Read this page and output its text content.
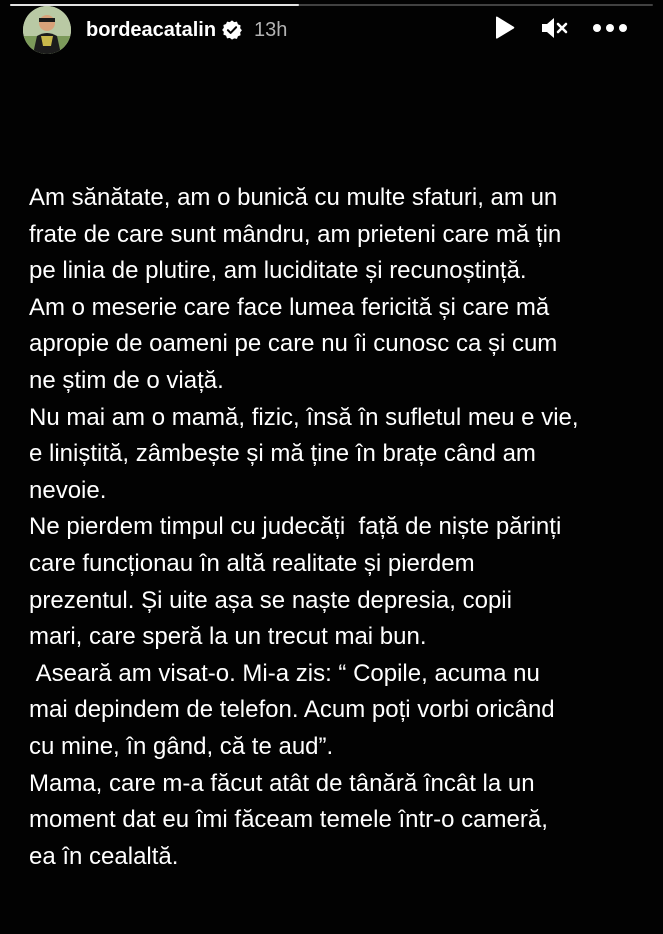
bordeacatalin 13h

Am sănătate, am o bunică cu multe sfaturi, am un
frate de care sunt mândru, am prieteni care mă țin
pe linia de plutire, am luciditate și recunoștință.
Am o meserie care face lumea fericită și care mă
apropie de oameni pe care nu îi cunosc ca și cum
ne știm de o viață.
Nu mai am o mamă, fizic, însă în sufletul meu e vie,
e liniștită, zâmbește și mă ține în brațe când am
nevoie.
Ne pierdem timpul cu judecăți  față de niște părinți
care funcționau în altă realitate și pierdem
prezentul. Și uite așa se naște depresia, copii
mari, care speră la un trecut mai bun.
Aseară am visat-o. Mi-a zis: “ Copile, acuma nu
mai depindem de telefon. Acum poți vorbi oricând
cu mine, în gând, că te aud”.
Mama, care m-a făcut atât de tânără încât la un
moment dat eu îmi făceam temele într-o cameră,
ea în cealaltă.
